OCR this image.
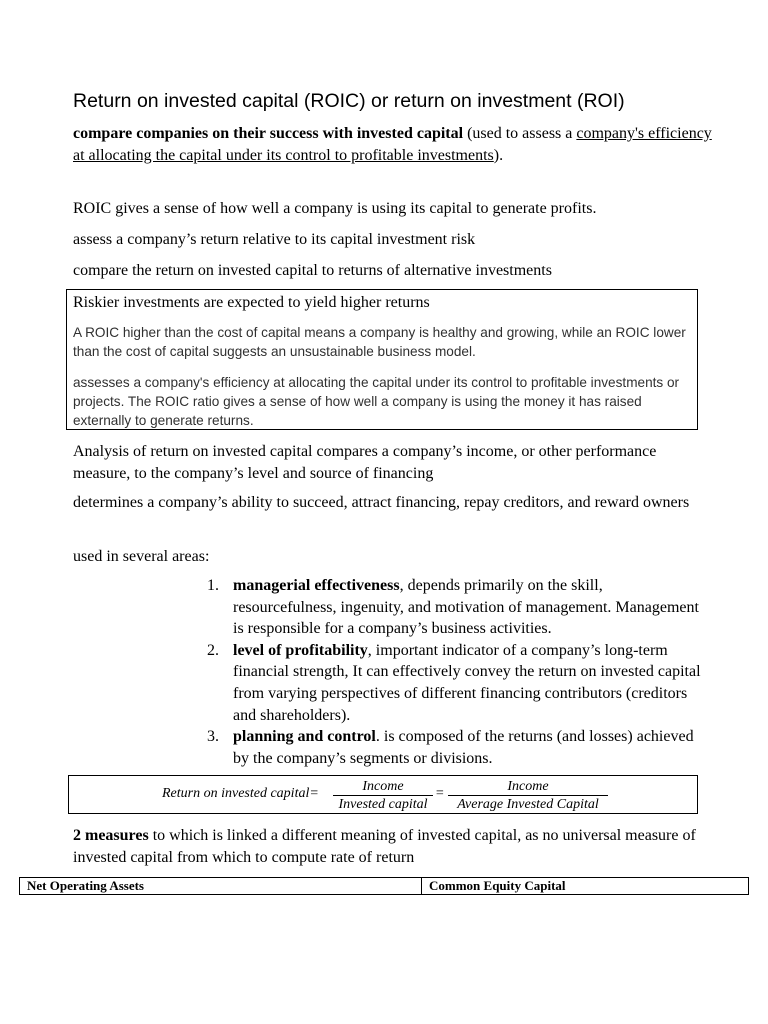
Return on invested capital (ROIC) or return on investment (ROI)
compare companies on their success with invested capital (used to assess a company's efficiency at allocating the capital under its control to profitable investments).
ROIC gives a sense of how well a company is using its capital to generate profits.
assess a company’s return relative to its capital investment risk
compare the return on invested capital to returns of alternative investments
Riskier investments are expected to yield higher returns
A ROIC higher than the cost of capital means a company is healthy and growing, while an ROIC lower than the cost of capital suggests an unsustainable business model.
assesses a company's efficiency at allocating the capital under its control to profitable investments or projects. The ROIC ratio gives a sense of how well a company is using the money it has raised externally to generate returns.
Analysis of return on invested capital compares a company’s income, or other performance measure, to the company’s level and source of financing
determines a company’s ability to succeed, attract financing, repay creditors, and reward owners
used in several areas:
1. managerial effectiveness, depends primarily on the skill, resourcefulness, ingenuity, and motivation of management. Management is responsible for a company’s business activities.
2. level of profitability, important indicator of a company’s long-term financial strength, It can effectively convey the return on invested capital from varying perspectives of different financing contributors (creditors and shareholders).
3. planning and control. is composed of the returns (and losses) achieved by the company’s segments or divisions.
Return on invested capital=	Income
Invested capital
=	Income
Average Invested Capital
2 measures to which is linked a different meaning of invested capital, as no universal measure of invested capital from which to compute rate of return
Net Operating Assets	Common Equity Capital
